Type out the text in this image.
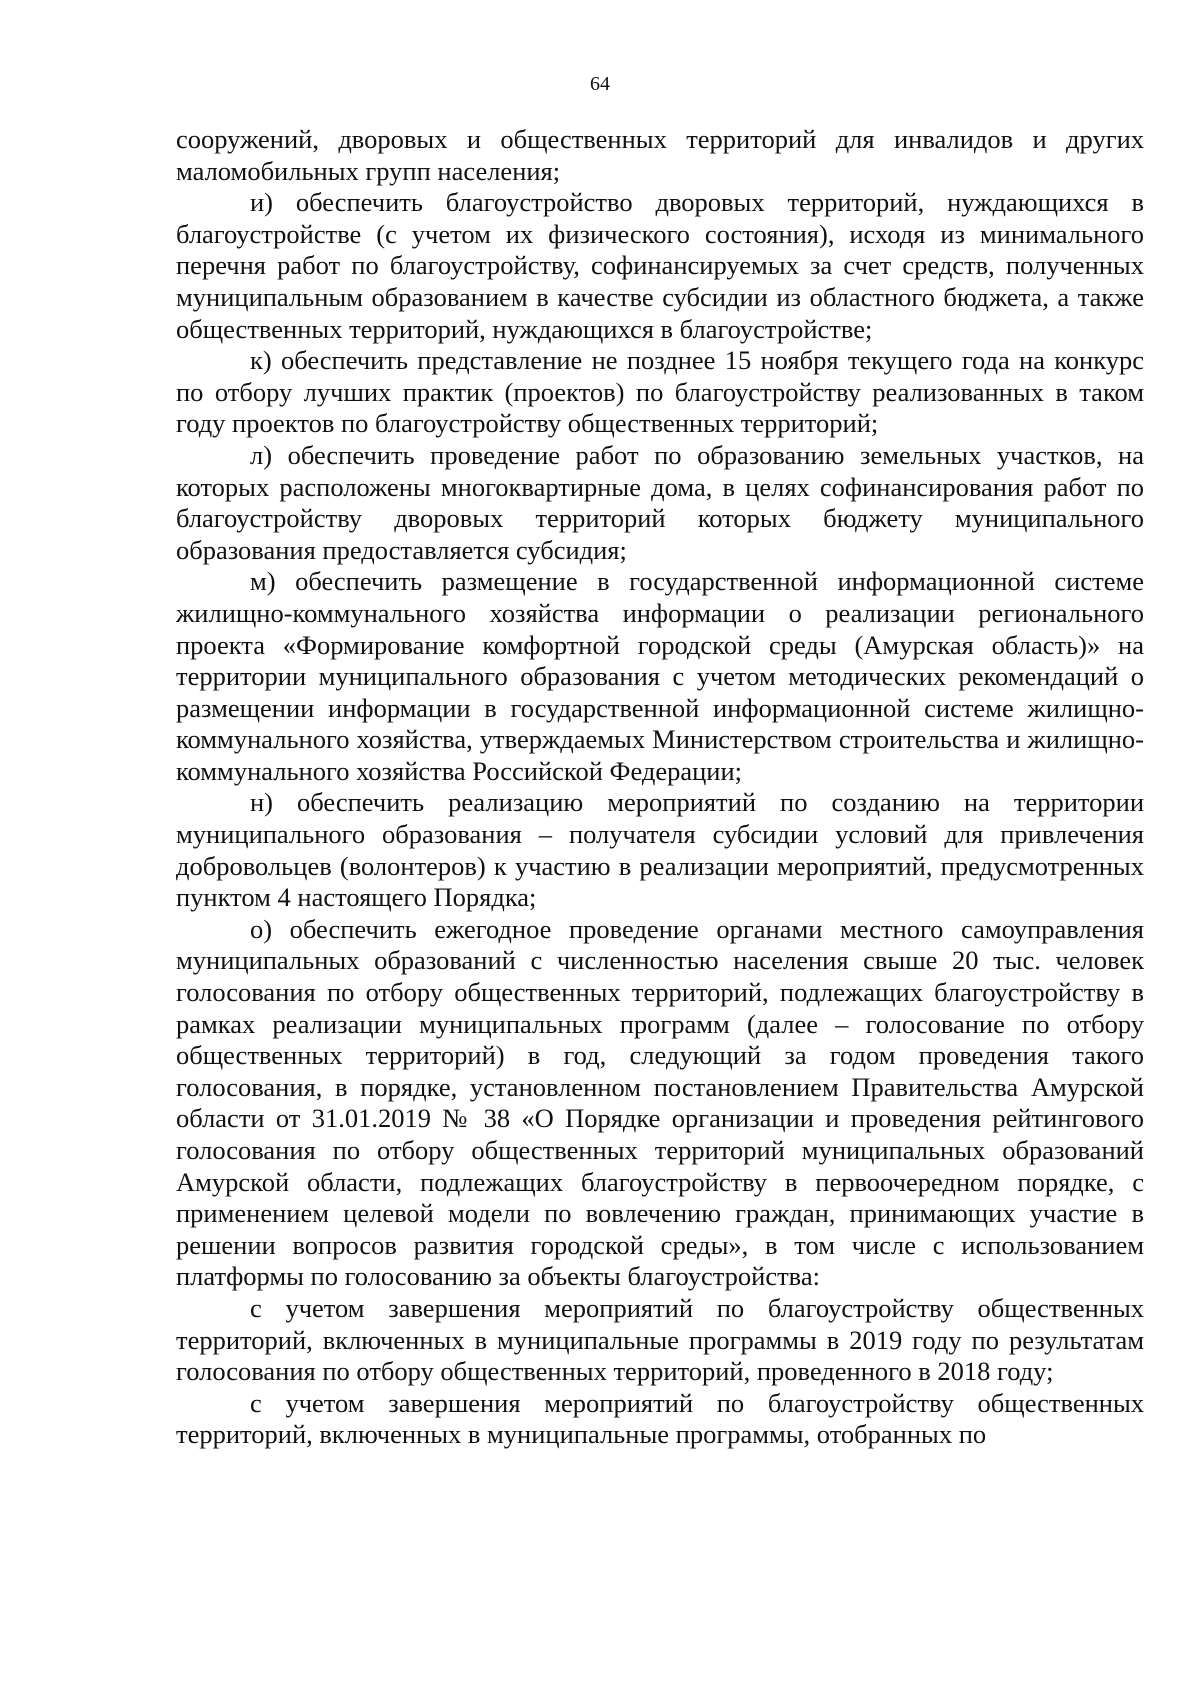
64

сооружений, дворовых и общественных территорий для инвалидов и других маломобильных групп населения;

и) обеспечить благоустройство дворовых территорий, нуждающихся в благоустройстве (с учетом их физического состояния), исходя из минимального перечня работ по благоустройству, софинансируемых за счет средств, полученных муниципальным образованием в качестве субсидии из областного бюджета, а также общественных территорий, нуждающихся в благоустройстве;

к) обеспечить представление не позднее 15 ноября текущего года на конкурс по отбору лучших практик (проектов) по благоустройству реализованных в таком году проектов по благоустройству общественных территорий;

л) обеспечить проведение работ по образованию земельных участков, на которых расположены многоквартирные дома, в целях софинансирования работ по благоустройству дворовых территорий которых бюджету муниципального образования предоставляется субсидия;

м) обеспечить размещение в государственной информационной системе жилищно-коммунального хозяйства информации о реализации регионального проекта «Формирование комфортной городской среды (Амурская область)» на территории муниципального образования с учетом методических рекомендаций о размещении информации в государственной информационной системе жилищно-коммунального хозяйства, утверждаемых Министерством строительства и жилищно-коммунального хозяйства Российской Федерации;

н) обеспечить реализацию мероприятий по созданию на территории муниципального образования – получателя субсидии условий для привлечения добровольцев (волонтеров) к участию в реализации мероприятий, предусмотренных пунктом 4 настоящего Порядка;

о) обеспечить ежегодное проведение органами местного самоуправления муниципальных образований с численностью населения свыше 20 тыс. человек голосования по отбору общественных территорий, подлежащих благоустройству в рамках реализации муниципальных программ (далее – голосование по отбору общественных территорий) в год, следующий за годом проведения такого голосования, в порядке, установленном постановлением Правительства Амурской области от 31.01.2019 № 38 «О Порядке организации и проведения рейтингового голосования по отбору общественных территорий муниципальных образований Амурской области, подлежащих благоустройству в первоочередном порядке, с применением целевой модели по вовлечению граждан, принимающих участие в решении вопросов развития городской среды», в том числе с использованием платформы по голосованию за объекты благоустройства:

с учетом завершения мероприятий по благоустройству общественных территорий, включенных в муниципальные программы в 2019 году по результатам голосования по отбору общественных территорий, проведенного в 2018 году;

с учетом завершения мероприятий по благоустройству общественных территорий, включенных в муниципальные программы, отобранных по
